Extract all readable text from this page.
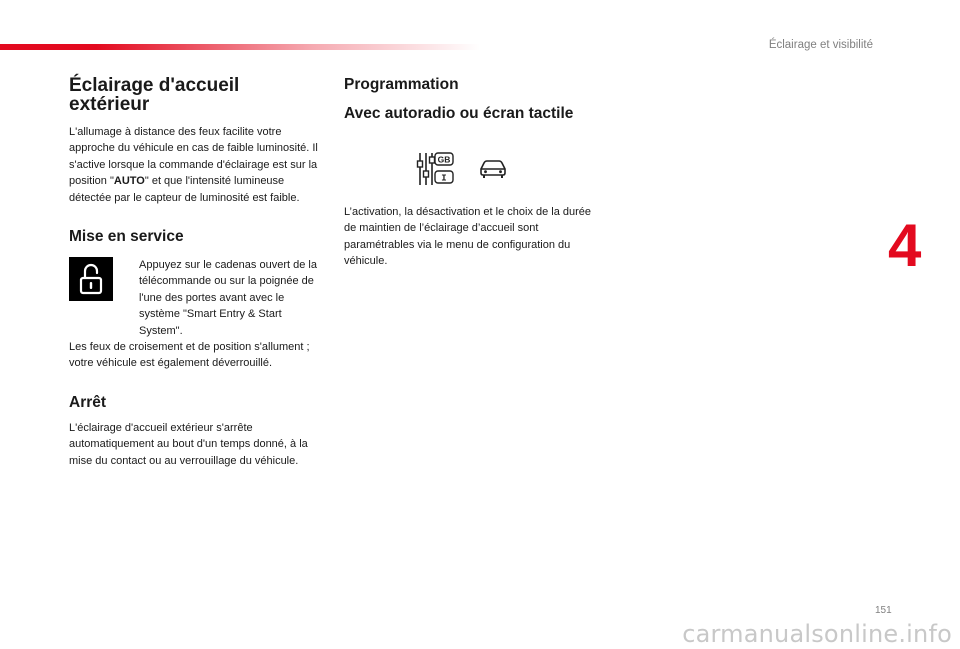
Éclairage et visibilité
4
Éclairage d'accueil
extérieur

L'allumage à distance des feux facilite votre approche du véhicule en cas de faible luminosité. Il s'active lorsque la commande d'éclairage est sur la position "AUTO" et que l'intensité lumineuse détectée par le capteur de luminosité est faible.

Mise en service

Appuyez sur le cadenas ouvert de la télécommande ou sur la poignée de l'une des portes avant avec le système "Smart Entry & Start System".

Les feux de croisement et de position s'allument ; votre véhicule est également déverrouillé.

Arrêt

L'éclairage d'accueil extérieur s'arrête automatiquement au bout d'un temps donné, à la mise du contact ou au verrouillage du véhicule.

Programmation
Avec autoradio ou écran tactile

L’activation, la désactivation et le choix de la durée de maintien de l’éclairage d’accueil sont paramétrables via le menu de configuration du véhicule.

GB
I
151
carmanualsonline.info
